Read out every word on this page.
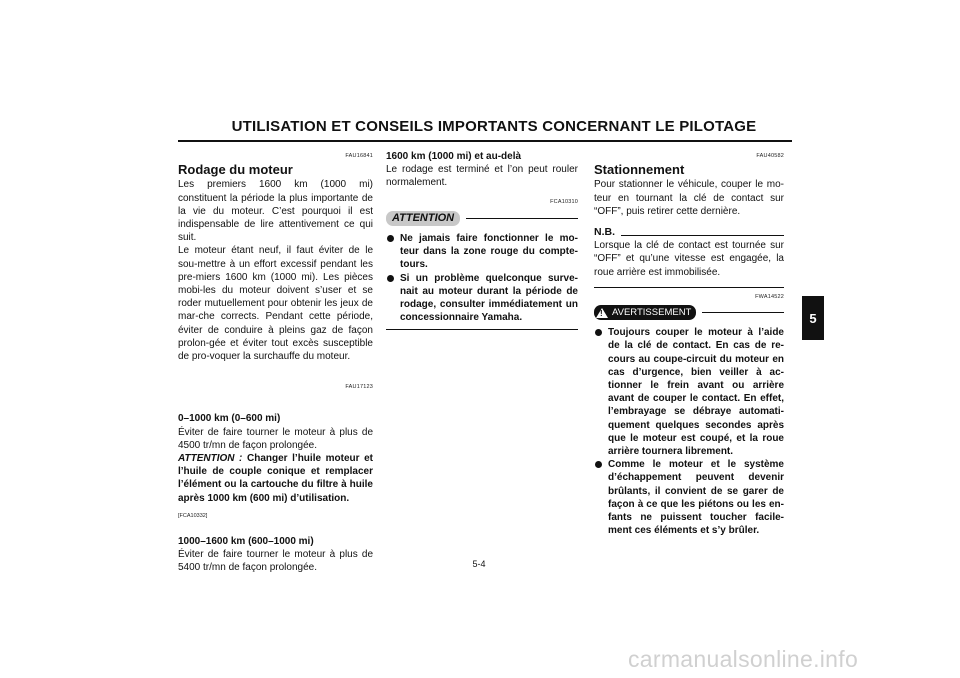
UTILISATION ET CONSEILS IMPORTANTS CONCERNANT LE PILOTAGE
5
FAU16841
Rodage du moteur

Les premiers 1600 km (1000 mi) constituent la période la plus importante de la vie du moteur. C’est pourquoi il est indispensable de lire attentivement ce qui suit.

Le moteur étant neuf, il faut éviter de le sou-mettre à un effort excessif pendant les pre-miers 1600 km (1000 mi). Les pièces mobi-les du moteur doivent s’user et se roder mutuellement pour obtenir les jeux de mar-che corrects. Pendant cette période, éviter de conduire à pleins gaz de façon prolon-gée et éviter tout excès susceptible de pro-voquer la surchauffe du moteur.

FAU17123
0–1000 km (0–600 mi)

Éviter de faire tourner le moteur à plus de 4500 tr/mn de façon prolongée.

ATTENTION : Changer l’huile moteur et l’huile de couple conique et remplacer l’élément ou la cartouche du filtre à huile après 1000 km (600 mi) d’utilisation.

[FCA10332]
1000–1600 km (600–1000 mi)

Éviter de faire tourner le moteur à plus de 5400 tr/mn de façon prolongée.

1600 km (1000 mi) et au-delà

Le rodage est terminé et l’on peut rouler normalement.

FCA10310
ATTENTION
Ne jamais faire fonctionner le mo-teur dans la zone rouge du compte-tours.
Si un problème quelconque surve-nait au moteur durant la période de rodage, consulter immédiatement un concessionnaire Yamaha.
FAU40582
Stationnement

Pour stationner le véhicule, couper le mo-teur en tournant la clé de contact sur “OFF”, puis retirer cette dernière.

N.B.

Lorsque la clé de contact est tournée sur “OFF” et qu’une vitesse est engagée, la roue arrière est immobilisée.

FWA14522
! AVERTISSEMENT
Toujours couper le moteur à l’aide de la clé de contact. En cas de re-cours au coupe-circuit du moteur en cas d’urgence, bien veiller à ac-tionner le frein avant ou arrière avant de couper le contact. En effet, l’embrayage se débraye automati-quement quelques secondes après que le moteur est coupé, et la roue arrière tournera librement.
Comme le moteur et le système d’échappement peuvent devenir brûlants, il convient de se garer de façon à ce que les piétons ou les en-fants ne puissent toucher facile-ment ces éléments et s’y brûler.
5-4
carmanualsonline.info
